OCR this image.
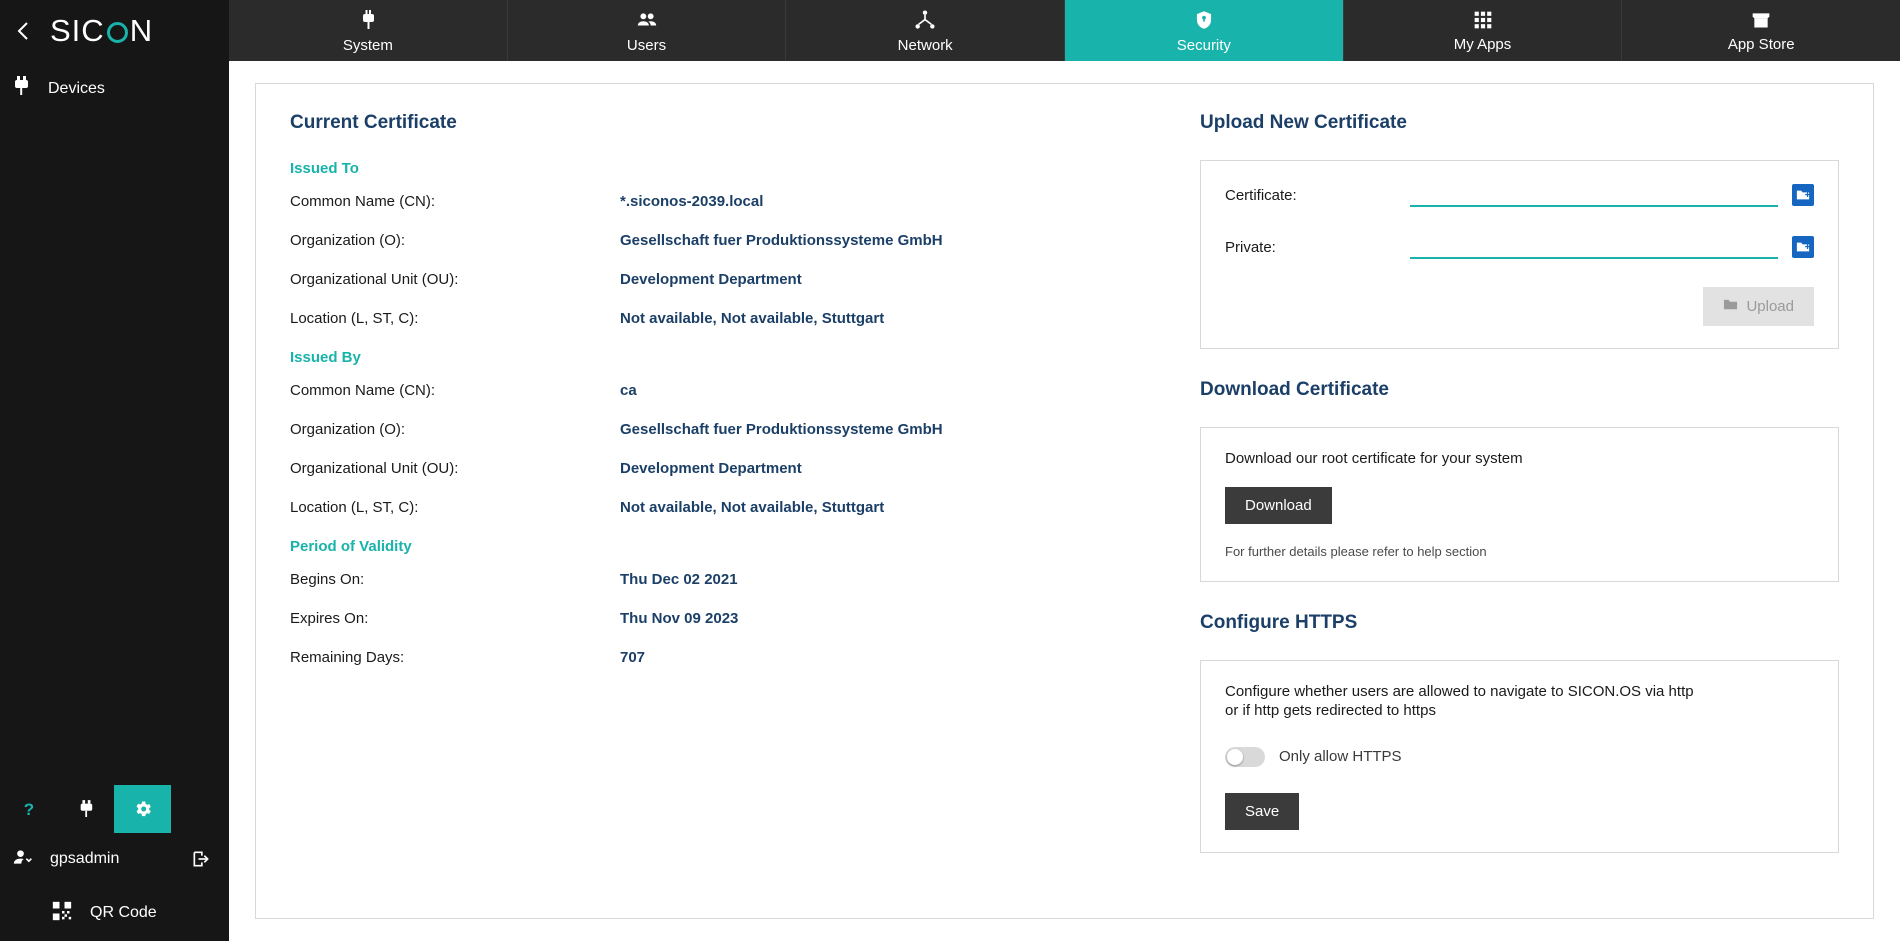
SIC N
Devices
?
gpsadmin
QR Code
System	Users	Network	Security	My Apps	App Store
Current Certificate
Issued To
Common Name (CN):	*.siconos-2039.local
Organization (O):	Gesellschaft fuer Produktionssysteme GmbH
Organizational Unit (OU):	Development Department
Location (L, ST, C):	Not available, Not available, Stuttgart
Issued By
Common Name (CN):	ca
Organization (O):	Gesellschaft fuer Produktionssysteme GmbH
Organizational Unit (OU):	Development Department
Location (L, ST, C):	Not available, Not available, Stuttgart
Period of Validity
Begins On:	Thu Dec 02 2021
Expires On:	Thu Nov 09 2023
Remaining Days:	707
Upload New Certificate
Certificate:
Private:
Upload
Download Certificate
Download our root certificate for your system
Download
For further details please refer to help section
Configure HTTPS
Configure whether users are allowed to navigate to SICON.OS via http
or if http gets redirected to https
Only allow HTTPS
Save
